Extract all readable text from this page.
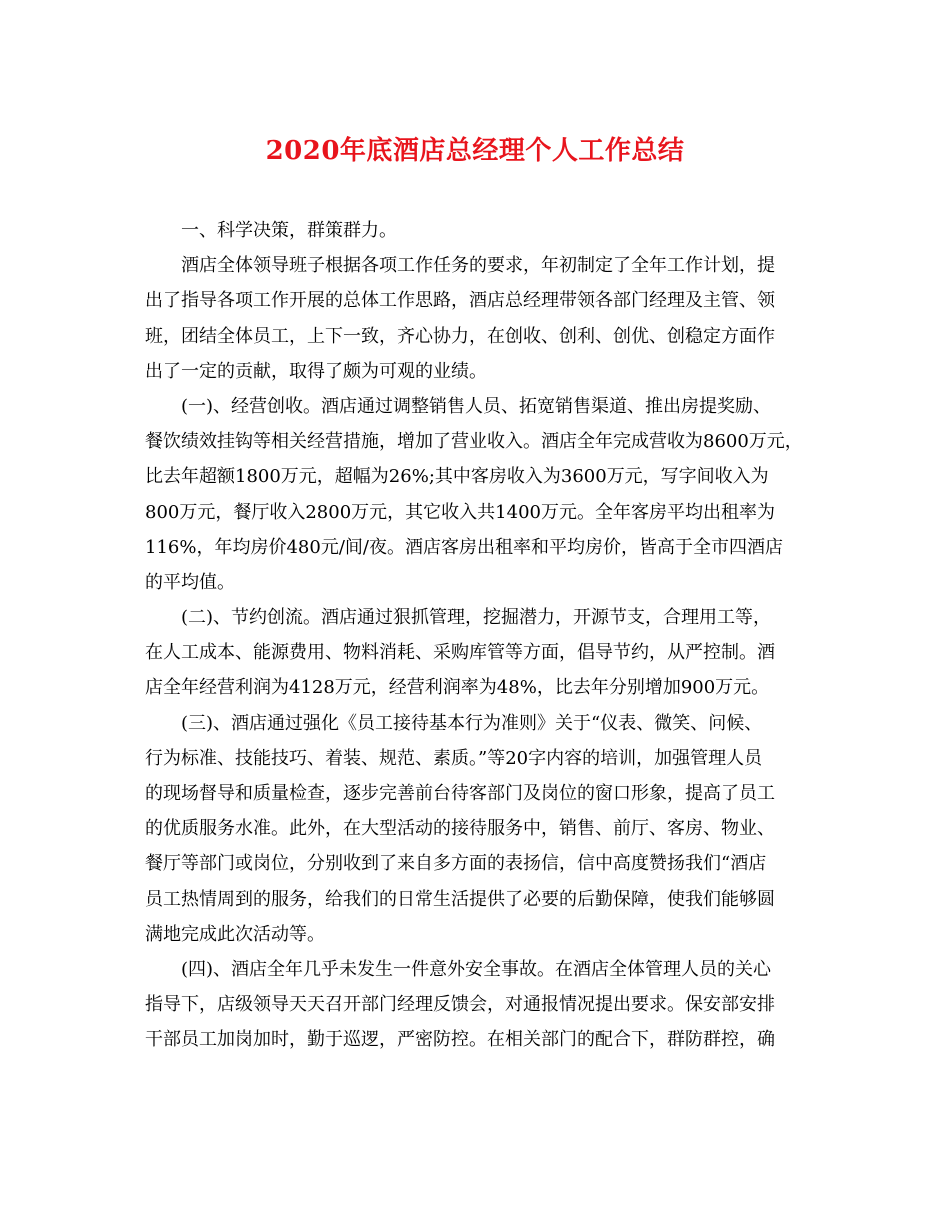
2020年底酒店总经理个人工作总结
一、科学决策，群策群力。
酒店全体领导班子根据各项工作任务的要求，年初制定了全年工作计划，提
出了指导各项工作开展的总体工作思路，酒店总经理带领各部门经理及主管、领
班，团结全体员工，上下一致，齐心协力，在创收、创利、创优、创稳定方面作
出了一定的贡献，取得了颇为可观的业绩。
(一)、经营创收。酒店通过调整销售人员、拓宽销售渠道、推出房提奖励、
餐饮绩效挂钩等相关经营措施，增加了营业收入。酒店全年完成营收为8600万元，
比去年超额1800万元，超幅为26%;其中客房收入为3600万元，写字间收入为
800万元，餐厅收入2800万元，其它收入共1400万元。全年客房平均出租率为
116%，年均房价480元/间/夜。酒店客房出租率和平均房价，皆高于全市四酒店
的平均值。
(二)、节约创流。酒店通过狠抓管理，挖掘潜力，开源节支，合理用工等，
在人工成本、能源费用、物料消耗、采购库管等方面，倡导节约，从严控制。酒
店全年经营利润为4128万元，经营利润率为48%，比去年分别增加900万元。
(三)、酒店通过强化《员工接待基本行为准则》关于“仪表、微笑、问候、
行为标准、技能技巧、着装、规范、素质。”等20字内容的培训，加强管理人员
的现场督导和质量检查，逐步完善前台待客部门及岗位的窗口形象，提高了员工
的优质服务水准。此外，在大型活动的接待服务中，销售、前厅、客房、物业、
餐厅等部门或岗位，分别收到了来自多方面的表扬信，信中高度赞扬我们“酒店
员工热情周到的服务，给我们的日常生活提供了必要的后勤保障，使我们能够圆
满地完成此次活动等。
(四)、酒店全年几乎未发生一件意外安全事故。在酒店全体管理人员的关心
指导下，店级领导天天召开部门经理反馈会，对通报情况提出要求。保安部安排
干部员工加岗加时，勤于巡逻，严密防控。在相关部门的配合下，群防群控，确
